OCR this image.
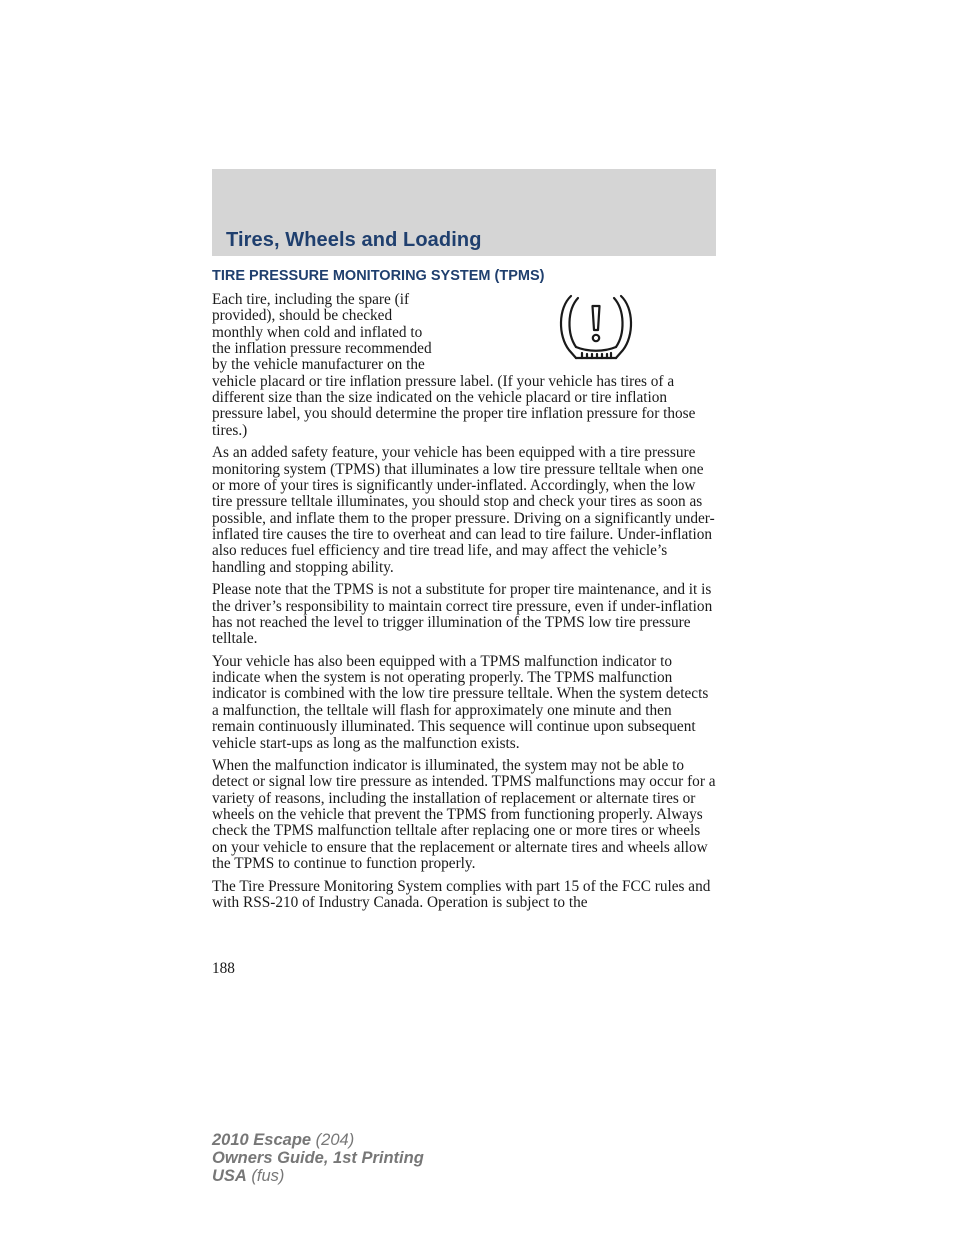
Tires, Wheels and Loading
TIRE PRESSURE MONITORING SYSTEM (TPMS)

Each tire, including the spare (if
provided), should be checked
monthly when cold and inflated to
the inflation pressure recommended
by the vehicle manufacturer on the
vehicle placard or tire inflation pressure label. (If your vehicle has tires of a different size than the size indicated on the vehicle placard or tire inflation pressure label, you should determine the proper tire inflation pressure for those tires.)

As an added safety feature, your vehicle has been equipped with a tire pressure monitoring system (TPMS) that illuminates a low tire pressure telltale when one or more of your tires is significantly under-inflated. Accordingly, when the low tire pressure telltale illuminates, you should stop and check your tires as soon as possible, and inflate them to the proper pressure. Driving on a significantly under-inflated tire causes the tire to overheat and can lead to tire failure. Under-inflation also reduces fuel efficiency and tire tread life, and may affect the vehicle’s handling and stopping ability.

Please note that the TPMS is not a substitute for proper tire maintenance, and it is the driver’s responsibility to maintain correct tire pressure, even if under-inflation has not reached the level to trigger illumination of the TPMS low tire pressure telltale.

Your vehicle has also been equipped with a TPMS malfunction indicator to indicate when the system is not operating properly. The TPMS malfunction indicator is combined with the low tire pressure telltale. When the system detects a malfunction, the telltale will flash for approximately one minute and then remain continuously illuminated. This sequence will continue upon subsequent vehicle start-ups as long as the malfunction exists.

When the malfunction indicator is illuminated, the system may not be able to detect or signal low tire pressure as intended. TPMS malfunctions may occur for a variety of reasons, including the installation of replacement or alternate tires or wheels on the vehicle that prevent the TPMS from functioning properly. Always check the TPMS malfunction telltale after replacing one or more tires or wheels on your vehicle to ensure that the replacement or alternate tires and wheels allow the TPMS to continue to function properly.

The Tire Pressure Monitoring System complies with part 15 of the FCC rules and with RSS-210 of Industry Canada. Operation is subject to the

188

2010 Escape (204)
Owners Guide, 1st Printing
USA (fus)
